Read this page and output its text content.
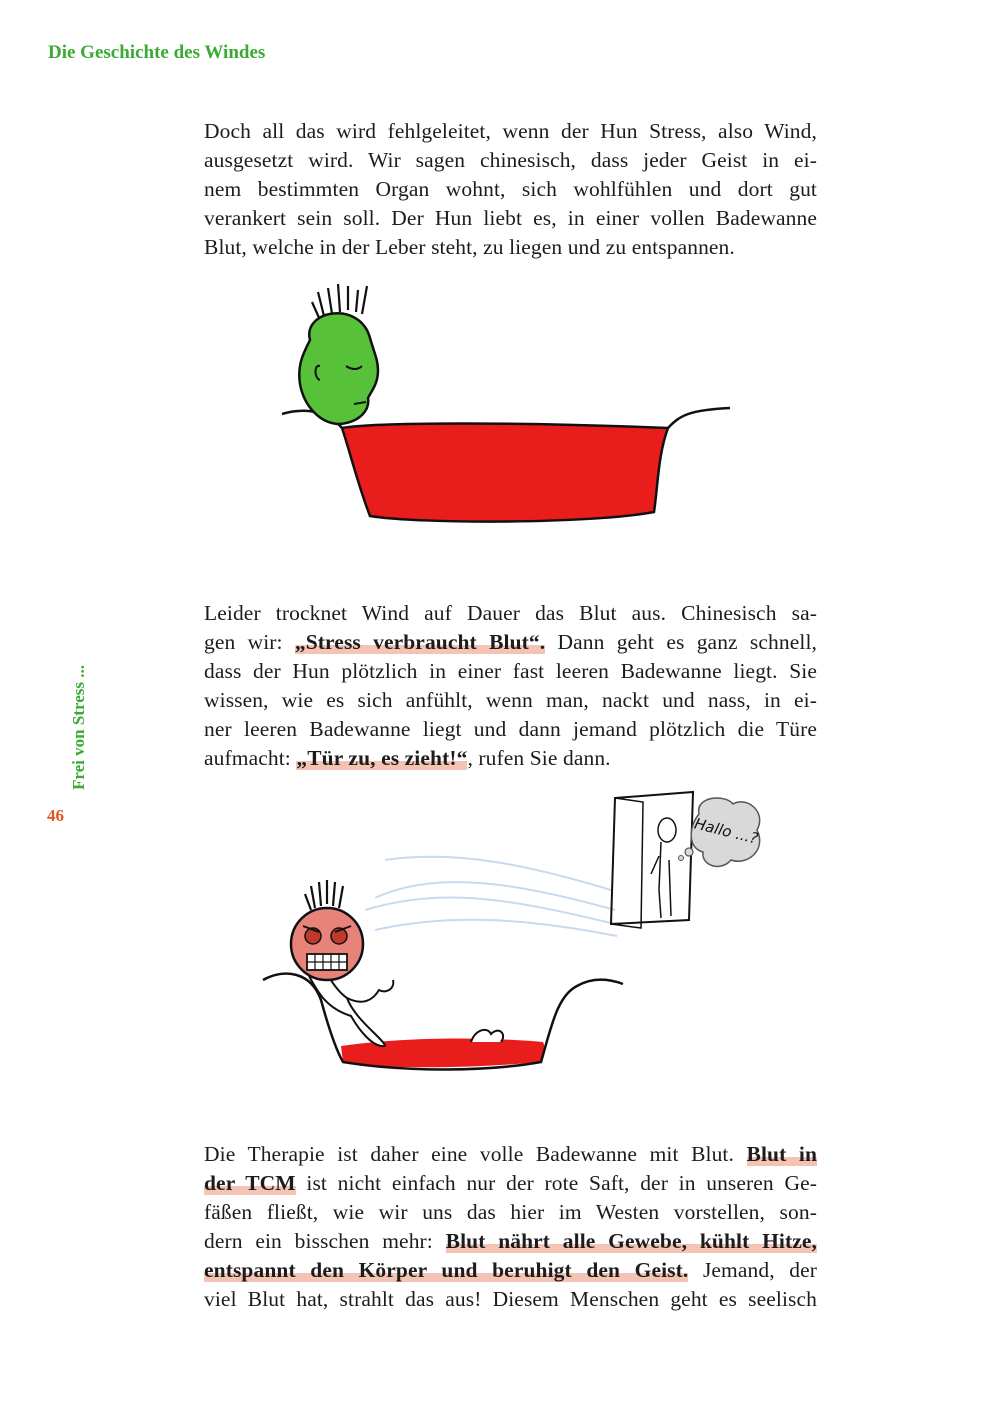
Die Geschichte des Windes
Frei von Stress ...
46

Doch all das wird fehlgeleitet, wenn der Hun Stress, also Wind,
ausgesetzt wird. Wir sagen chinesisch, dass jeder Geist in ei-
nem bestimmten Organ wohnt, sich wohlfühlen und dort gut
verankert sein soll. Der Hun liebt es, in einer vollen Badewanne
Blut, welche in der Leber steht, zu liegen und zu entspannen.

Leider trocknet Wind auf Dauer das Blut aus. Chinesisch sa-
gen wir: „Stress verbraucht Blut“. Dann geht es ganz schnell,
dass der Hun plötzlich in einer fast leeren Badewanne liegt. Sie
wissen, wie es sich anfühlt, wenn man, nackt und nass, in ei-
ner leeren Badewanne liegt und dann jemand plötzlich die Türe
aufmacht: „Tür zu, es zieht!“, rufen Sie dann.

Hallo ...?

Die Therapie ist daher eine volle Badewanne mit Blut. Blut in
der TCM ist nicht einfach nur der rote Saft, der in unseren Ge-
fäßen fließt, wie wir uns das hier im Westen vorstellen, son-
dern ein bisschen mehr: Blut nährt alle Gewebe, kühlt Hitze,
entspannt den Körper und beruhigt den Geist. Jemand, der
viel Blut hat, strahlt das aus! Diesem Menschen geht es seelisch
